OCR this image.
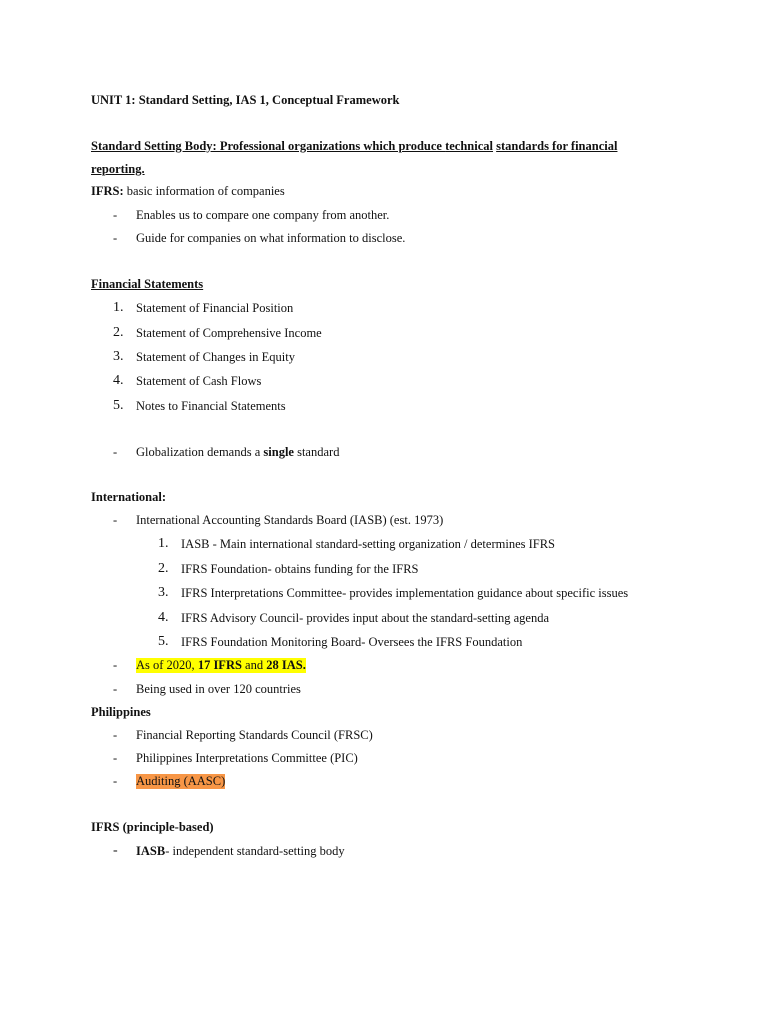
UNIT 1: Standard Setting, IAS 1, Conceptual Framework
Standard Setting Body: Professional organizations which produce technical standards for financial
reporting.
IFRS: basic information of companies
- Enables us to compare one company from another.
- Guide for companies on what information to disclose.
Financial Statements
1. Statement of Financial Position
2. Statement of Comprehensive Income
3. Statement of Changes in Equity
4. Statement of Cash Flows
5. Notes to Financial Statements
- Globalization demands a single standard
International:
- International Accounting Standards Board (IASB) (est. 1973)
1. IASB - Main international standard-setting organization / determines IFRS
2. IFRS Foundation- obtains funding for the IFRS
3. IFRS Interpretations Committee- provides implementation guidance about specific issues
4. IFRS Advisory Council- provides input about the standard-setting agenda
5. IFRS Foundation Monitoring Board- Oversees the IFRS Foundation
- As of 2020, 17 IFRS and 28 IAS.
- Being used in over 120 countries
Philippines
- Financial Reporting Standards Council (FRSC)
- Philippines Interpretations Committee (PIC)
- Auditing (AASC)
IFRS (principle-based)
- IASB- independent standard-setting body
